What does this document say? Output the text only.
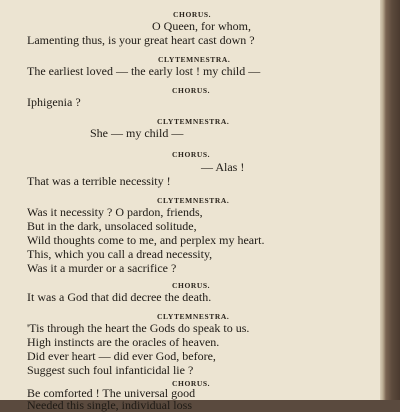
CHORUS.
O Queen, for whom,
Lamenting thus, is your great heart cast down ?
CLYTEMNESTRA.
The earliest loved — the early lost ! my child —
CHORUS.
Iphigenia ?
CLYTEMNESTRA.
She — my child —
CHORUS.
— Alas !
That was a terrible necessity !
CLYTEMNESTRA.
Was it necessity ? O pardon, friends,
But in the dark, unsolaced solitude,
Wild thoughts come to me, and perplex my heart.
This, which you call a dread necessity,
Was it a murder or a sacrifice ?
CHORUS.
It was a God that did decree the death.
CLYTEMNESTRA.
'Tis through the heart the Gods do speak to us.
High instincts are the oracles of heaven.
Did ever heart — did ever God, before,
Suggest such foul infanticidal lie ?
CHORUS.
Be comforted ! The universal good
Needed this single, individual loss
